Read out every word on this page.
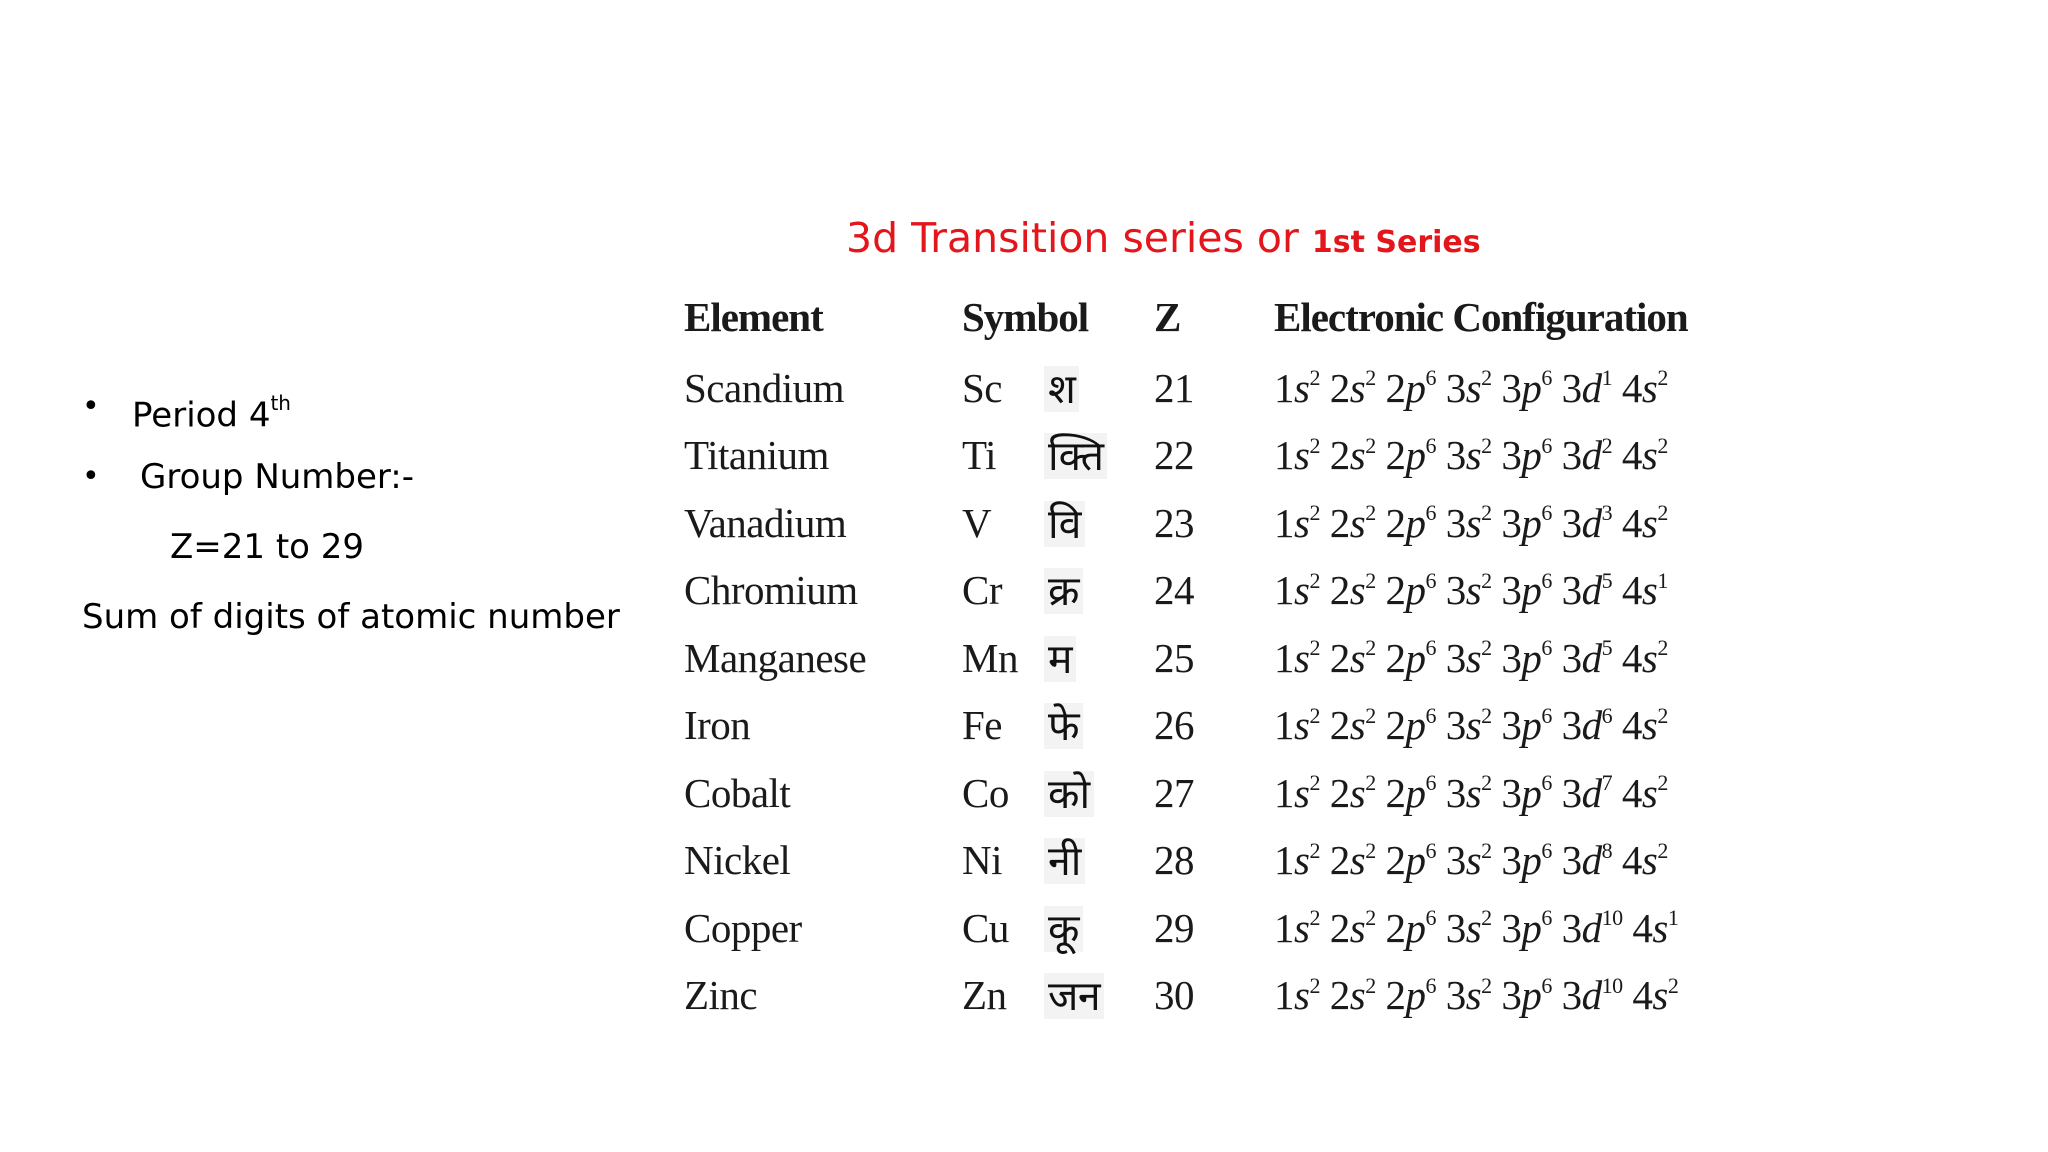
• Period 4th
• Group Number:-
Z=21 to 29
Sum of digits of atomic number
3d Transition series or 1st Series
Element	Symbol		Z	Electronic Configuration
Scandium	Sc	श	21	$1s^2$ $2s^2$ $2p^6$ $3s^2$ $3p^6$ $3d^1$ $4s^2$
Titanium	Ti	क्ति	22	$1s^2$ $2s^2$ $2p^6$ $3s^2$ $3p^6$ $3d^2$ $4s^2$
Vanadium	V	वि	23	$1s^2$ $2s^2$ $2p^6$ $3s^2$ $3p^6$ $3d^3$ $4s^2$
Chromium	Cr	क्र	24	$1s^2$ $2s^2$ $2p^6$ $3s^2$ $3p^6$ $3d^5$ $4s^1$
Manganese	Mn	म	25	$1s^2$ $2s^2$ $2p^6$ $3s^2$ $3p^6$ $3d^5$ $4s^2$
Iron	Fe	फे	26	$1s^2$ $2s^2$ $2p^6$ $3s^2$ $3p^6$ $3d^6$ $4s^2$
Cobalt	Co	को	27	$1s^2$ $2s^2$ $2p^6$ $3s^2$ $3p^6$ $3d^7$ $4s^2$
Nickel	Ni	नी	28	$1s^2$ $2s^2$ $2p^6$ $3s^2$ $3p^6$ $3d^8$ $4s^2$
Copper	Cu	कू	29	$1s^2$ $2s^2$ $2p^6$ $3s^2$ $3p^6$ $3d^{10}$ $4s^1$
Zinc	Zn	जन	30	$1s^2$ $2s^2$ $2p^6$ $3s^2$ $3p^6$ $3d^{10}$ $4s^2$
